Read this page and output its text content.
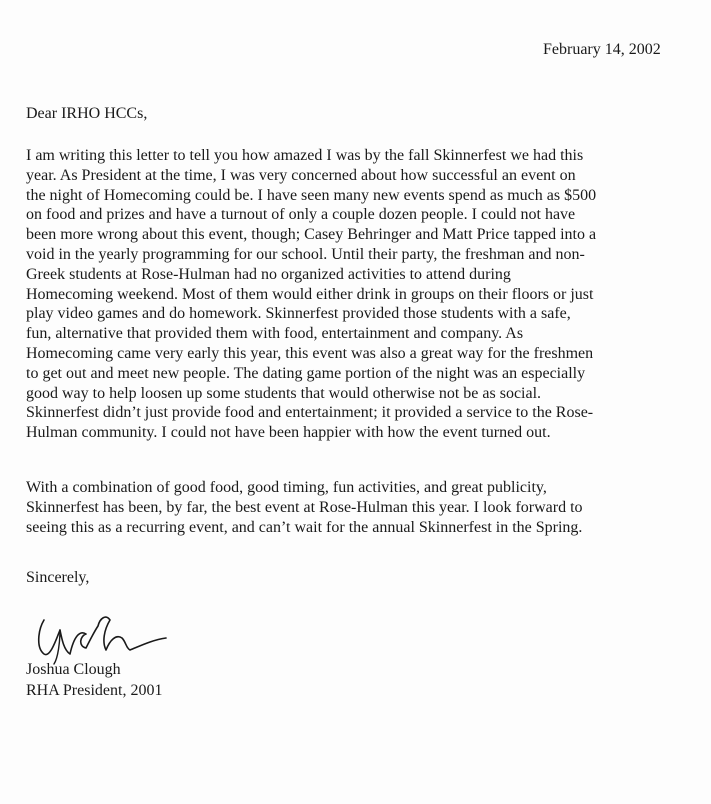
February 14, 2002
Dear IRHO HCCs,
I am writing this letter to tell you how amazed I was by the fall Skinnerfest we had this
year. As President at the time, I was very concerned about how successful an event on
the night of Homecoming could be. I have seen many new events spend as much as $500
on food and prizes and have a turnout of only a couple dozen people. I could not have
been more wrong about this event, though; Casey Behringer and Matt Price tapped into a
void in the yearly programming for our school. Until their party, the freshman and non-
Greek students at Rose-Hulman had no organized activities to attend during
Homecoming weekend. Most of them would either drink in groups on their floors or just
play video games and do homework. Skinnerfest provided those students with a safe,
fun, alternative that provided them with food, entertainment and company. As
Homecoming came very early this year, this event was also a great way for the freshmen
to get out and meet new people. The dating game portion of the night was an especially
good way to help loosen up some students that would otherwise not be as social.
Skinnerfest didn’t just provide food and entertainment; it provided a service to the Rose-
Hulman community. I could not have been happier with how the event turned out.
With a combination of good food, good timing, fun activities, and great publicity,
Skinnerfest has been, by far, the best event at Rose-Hulman this year. I look forward to
seeing this as a recurring event, and can’t wait for the annual Skinnerfest in the Spring.
Sincerely,
Joshua Clough
RHA President, 2001
